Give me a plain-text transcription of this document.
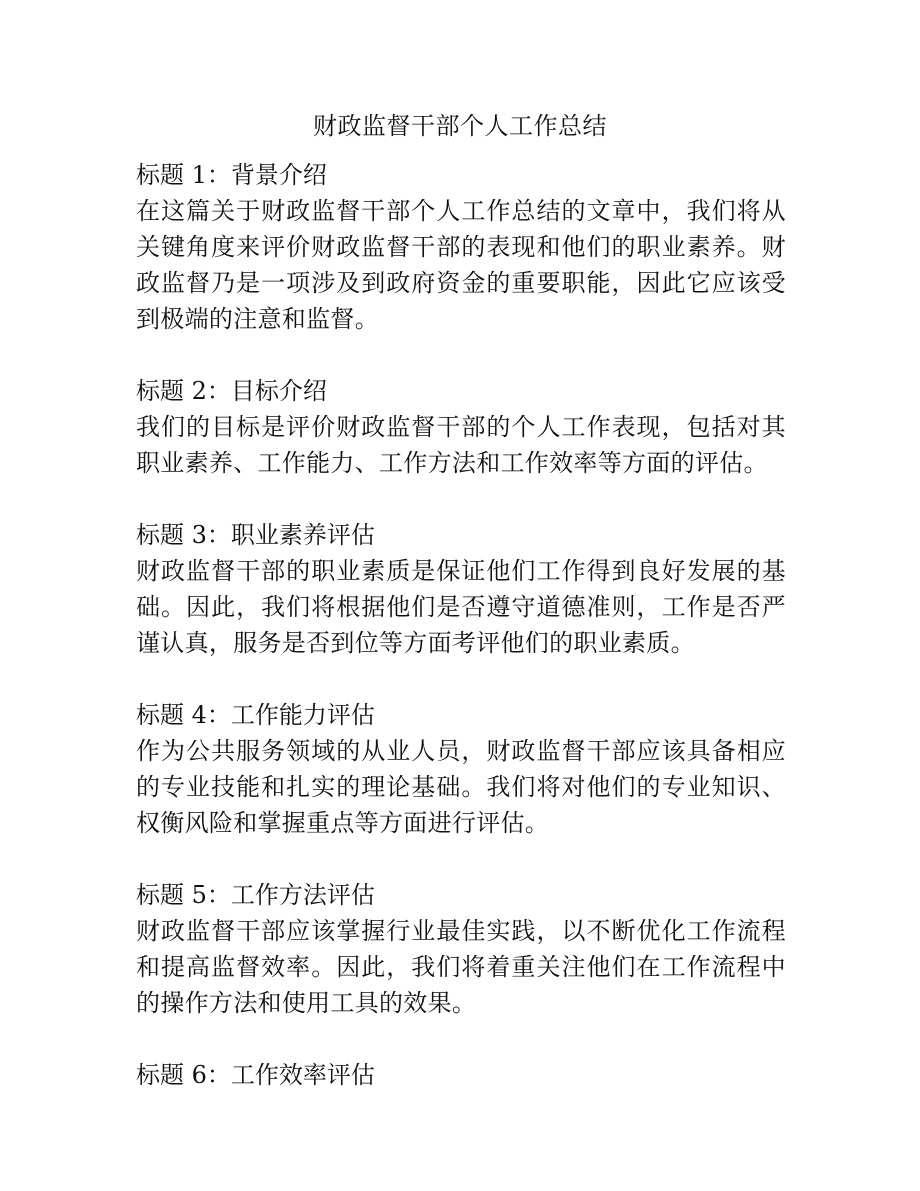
财政监督干部个人工作总结
标题 1：背景介绍
在这篇关于财政监督干部个人工作总结的文章中，我们将从关键角度来评价财政监督干部的表现和他们的职业素养。财政监督乃是一项涉及到政府资金的重要职能，因此它应该受到极端的注意和监督。
标题 2：目标介绍
我们的目标是评价财政监督干部的个人工作表现，包括对其职业素养、工作能力、工作方法和工作效率等方面的评估。
标题 3：职业素养评估
财政监督干部的职业素质是保证他们工作得到良好发展的基础。因此，我们将根据他们是否遵守道德准则，工作是否严谨认真，服务是否到位等方面考评他们的职业素质。
标题 4：工作能力评估
作为公共服务领域的从业人员，财政监督干部应该具备相应的专业技能和扎实的理论基础。我们将对他们的专业知识、权衡风险和掌握重点等方面进行评估。
标题 5：工作方法评估
财政监督干部应该掌握行业最佳实践，以不断优化工作流程和提高监督效率。因此，我们将着重关注他们在工作流程中的操作方法和使用工具的效果。
标题 6：工作效率评估
